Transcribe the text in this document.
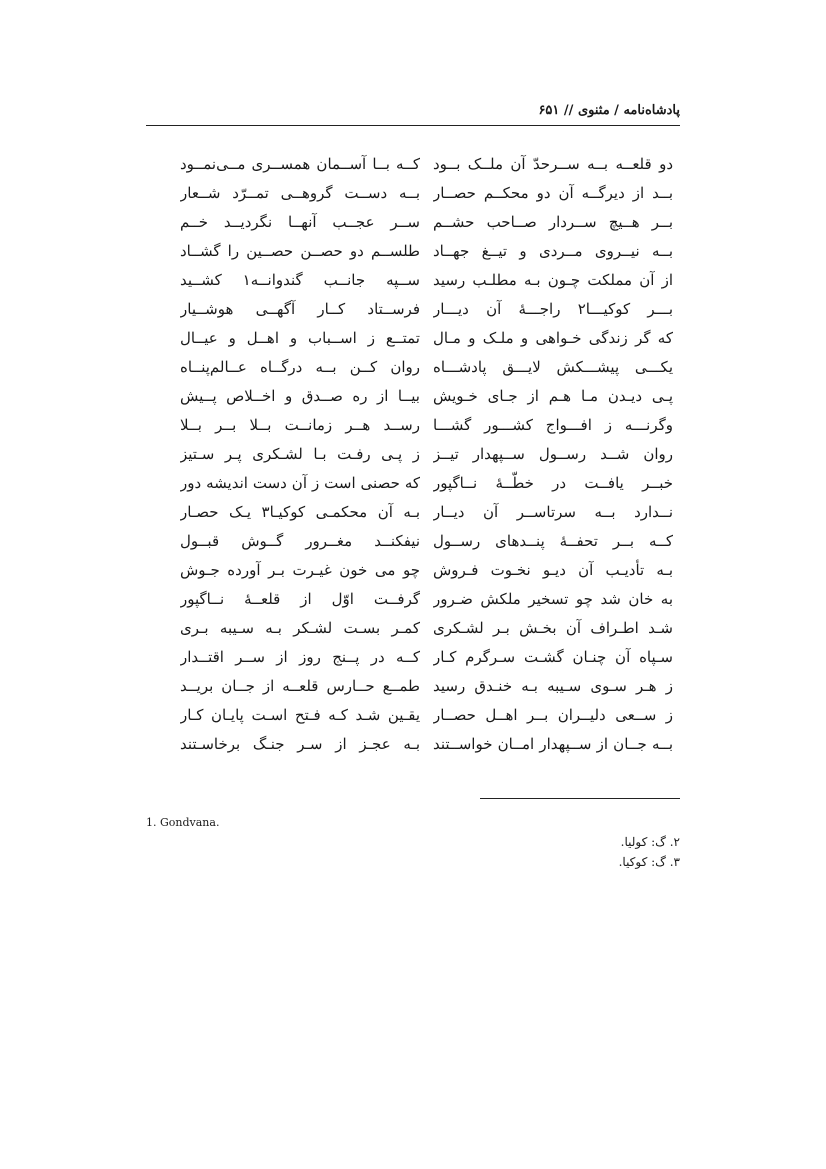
پادشاه‌نامه / مثنوی // ۶۵۱
دو قلعــه بــه ســرحدّ آن ملــک بــود
بــد از دیرگــه آن دو محکــم حصــار
بــر هــیچ ســردار صــاحب حشــم
بــه نیــروی مــردی و تیــغ جهــاد
از آن مملکت چـون بـه مطلـب رسید
بـــر کوکیـــا۲ راجـــۀ آن دیـــار
که گر زندگی خـواهی و ملـک و مـال
یکـــی پیشـــکش لایـــق پادشـــاه
پـی دیـدن مـا هـم از جـای خـویش
وگرنـــه ز افـــواج کشـــور گشـــا
روان شــد رســول ســپهدار تیــز
خبــر یافــت در خطّــۀ نــاگپور
نــدارد بــه سرتاســر آن دیــار
کــه بــر تحفــۀ پنــدهای رســول
بـه تأدیـب آن دیـو نخـوت فـروش
به خان شد چو تسخیر ملکش ضـرور
شـد اطـراف آن بخـش بـر لشـکری
سـپاه آن چنـان گشـت سـرگرم کـار
ز هـر سـوی سـیبه بـه خنـدق رسید
ز ســعی دلیــران بــر اهــل حصــار
بــه جــان از ســپهدار امــان خواســتند
کــه بــا آســمان همســری مــی‌نمــود
بــه دســت گروهــی تمــرّد شــعار
ســر عجــب آنهــا نگردیــد خــم
طلســم دو حصــن حصــین را گشــاد
ســپه جانــب گندوانــه۱ کشــید
فرســتاد کــار آگهــی هوشــیار
تمتــع ز اســباب و اهــل و عیــال
روان کــن بــه درگــاه عــالم‌پنــاه
بیــا از ره صــدق و اخــلاص پــیش
رســد هــر زمانــت بــلا بــر بــلا
ز پـی رفـت بـا لشـکری پـر سـتیز
که حصنی است ز آن دست اندیشه دور
بـه آن محکمـی کوکیـا۳ یـک حصـار
نیفکنــد مغــرور گــوش قبــول
چو می خون غیـرت بـر آورده جـوش
گرفــت اوّل از قلعــۀ نــاگپور
کمـر بسـت لشـکر بـه سـیبه بـری
کــه در پــنج روز از ســر اقتــدار
طمــع حــارس قلعــه از جــان بریــد
یقـین شـد کـه فـتح اسـت پایـان کـار
بـه عجـز از سـر جنـگ برخاسـتند
1. Gondvana.
۲. گ: کولیا.
۳. گ: کوکیا.
